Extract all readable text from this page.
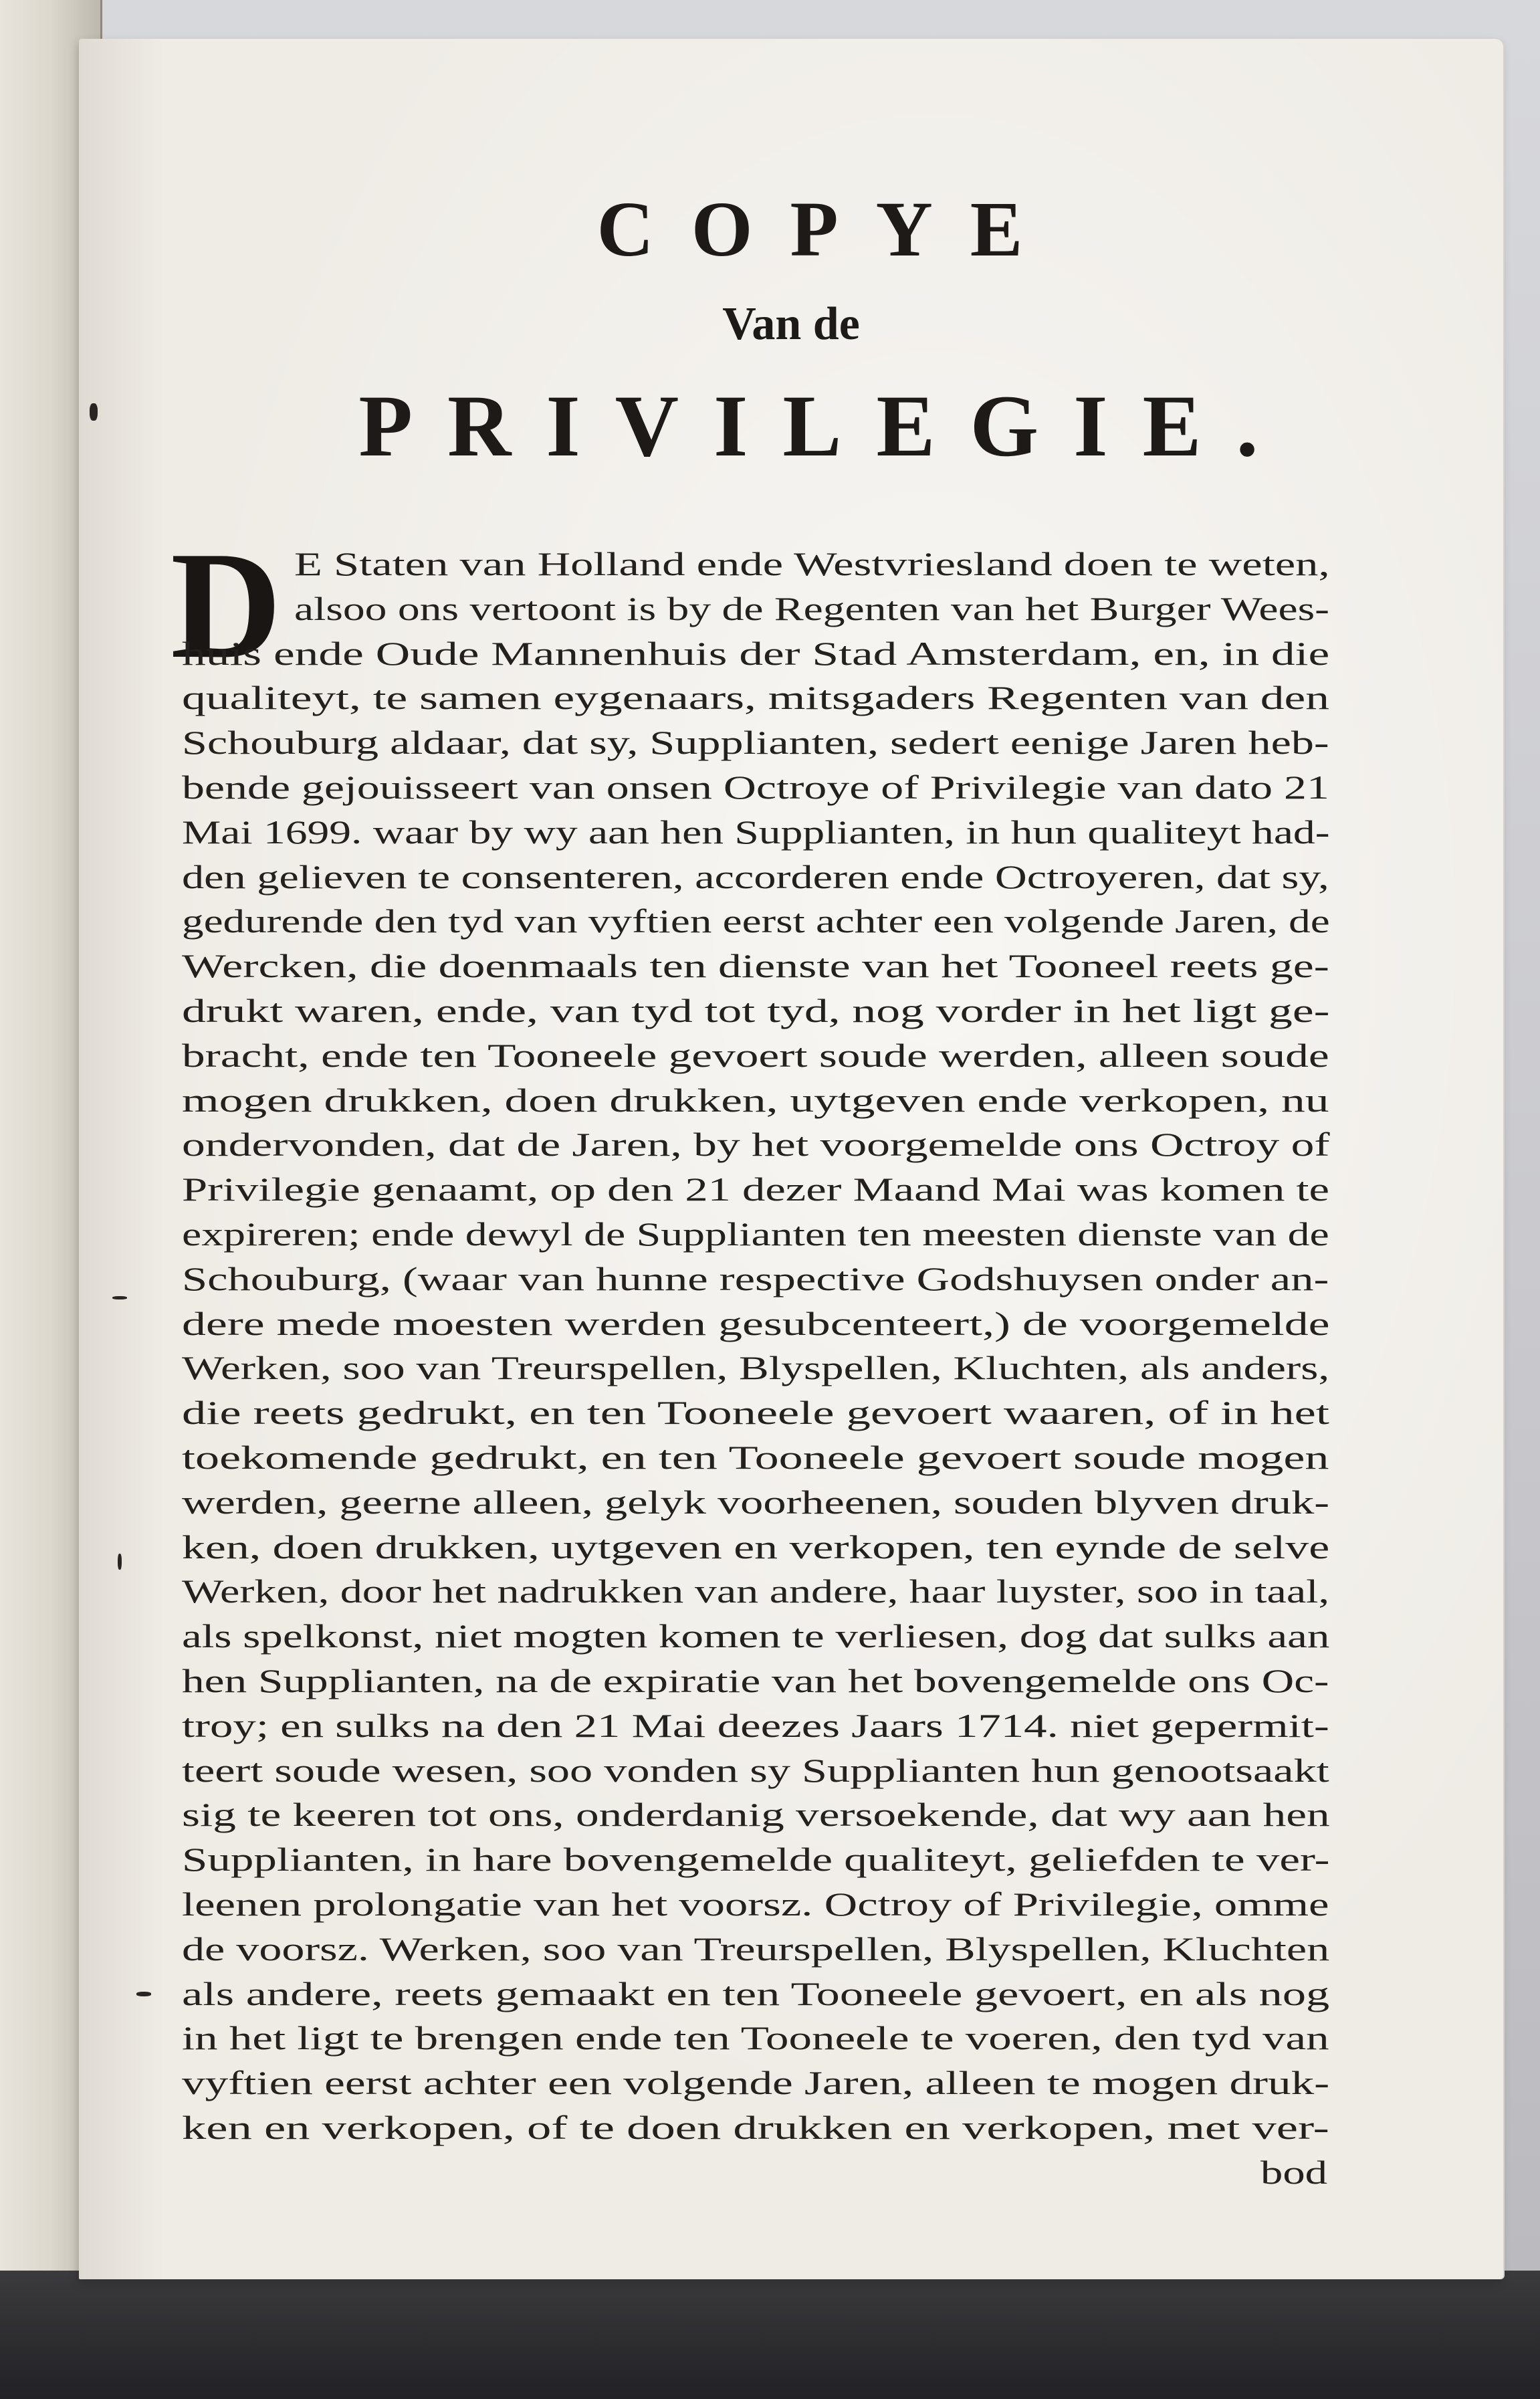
COPYE
Van de
PRIVILEGIE.
D E Staten van Holland ende Westvriesland doen te weten,
alsoo ons vertoont is by de Regenten van het Burger Wees-
huis ende Oude Mannenhuis der Stad Amsterdam, en, in die
qualiteyt, te samen eygenaars, mitsgaders Regenten van den
Schouburg aldaar, dat sy, Supplianten, sedert eenige Jaren heb-
bende gejouisseert van onsen Octroye of Privilegie van dato 21
Mai 1699. waar by wy aan hen Supplianten, in hun qualiteyt had-
den gelieven te consenteren, accorderen ende Octroyeren, dat sy,
gedurende den tyd van vyftien eerst achter een volgende Jaren, de
Wercken, die doenmaals ten dienste van het Tooneel reets ge-
drukt waren, ende, van tyd tot tyd, nog vorder in het ligt ge-
bracht, ende ten Tooneele gevoert soude werden, alleen soude
mogen drukken, doen drukken, uytgeven ende verkopen, nu
ondervonden, dat de Jaren, by het voorgemelde ons Octroy of
Privilegie genaamt, op den 21 dezer Maand Mai was komen te
expireren; ende dewyl de Supplianten ten meesten dienste van de
Schouburg, (waar van hunne respective Godshuysen onder an-
dere mede moesten werden gesubcenteert,) de voorgemelde
Werken, soo van Treurspellen, Blyspellen, Kluchten, als anders,
die reets gedrukt, en ten Tooneele gevoert waaren, of in het
toekomende gedrukt, en ten Tooneele gevoert soude mogen
werden, geerne alleen, gelyk voorheenen, souden blyven druk-
ken, doen drukken, uytgeven en verkopen, ten eynde de selve
Werken, door het nadrukken van andere, haar luyster, soo in taal,
als spelkonst, niet mogten komen te verliesen, dog dat sulks aan
hen Supplianten, na de expiratie van het bovengemelde ons Oc-
troy; en sulks na den 21 Mai deezes Jaars 1714. niet gepermit-
teert soude wesen, soo vonden sy Supplianten hun genootsaakt
sig te keeren tot ons, onderdanig versoekende, dat wy aan hen
Supplianten, in hare bovengemelde qualiteyt, geliefden te ver-
leenen prolongatie van het voorsz. Octroy of Privilegie, omme
de voorsz. Werken, soo van Treurspellen, Blyspellen, Kluchten
als andere, reets gemaakt en ten Tooneele gevoert, en als nog
in het ligt te brengen ende ten Tooneele te voeren, den tyd van
vyftien eerst achter een volgende Jaren, alleen te mogen druk-
ken en verkopen, of te doen drukken en verkopen, met ver-
bod
